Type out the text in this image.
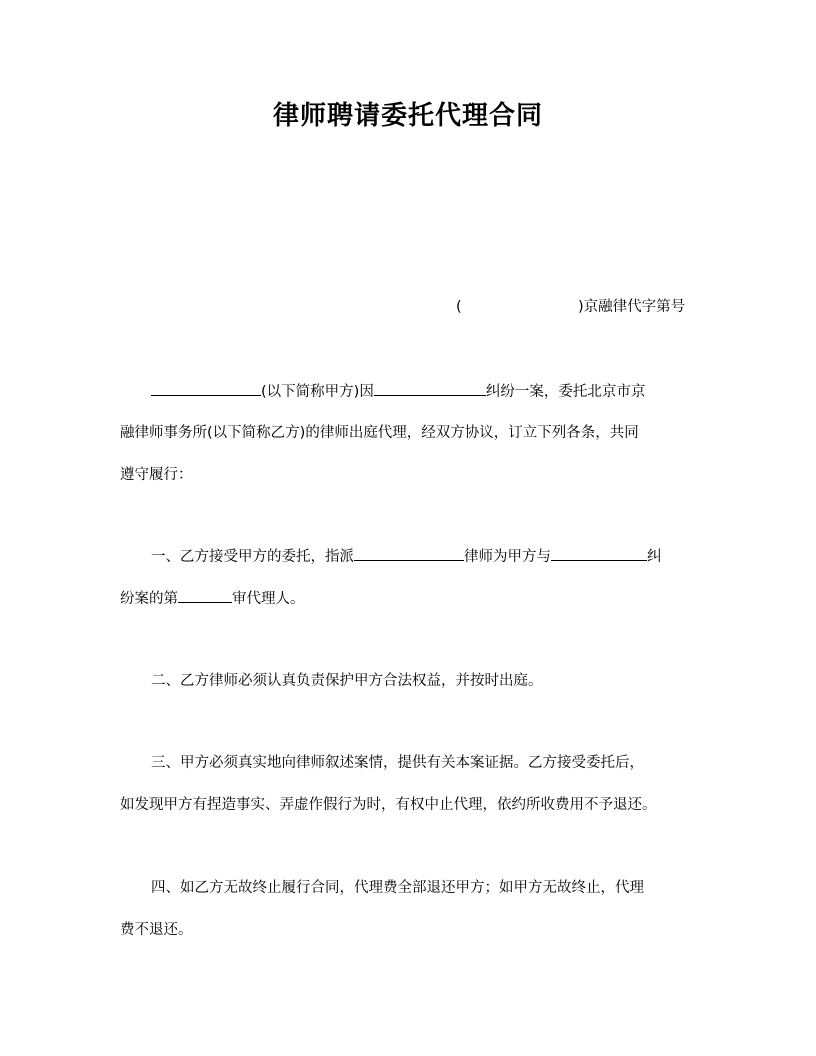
律师聘请委托代理合同
(	)京融律代字第号
(以下简称甲方)因	纠纷一案，委托北京市京
融律师事务所(以下简称乙方)的律师出庭代理，经双方协议，订立下列各条，共同
遵守履行：
一、乙方接受甲方的委托，指派	律师为甲方与	纠
纷案的第	审代理人。
二、乙方律师必须认真负责保护甲方合法权益，并按时出庭。
三、甲方必须真实地向律师叙述案情，提供有关本案证据。乙方接受委托后，
如发现甲方有捏造事实、弄虚作假行为时，有权中止代理，依约所收费用不予退还。
四、如乙方无故终止履行合同，代理费全部退还甲方；如甲方无故终止，代理
费不退还。
